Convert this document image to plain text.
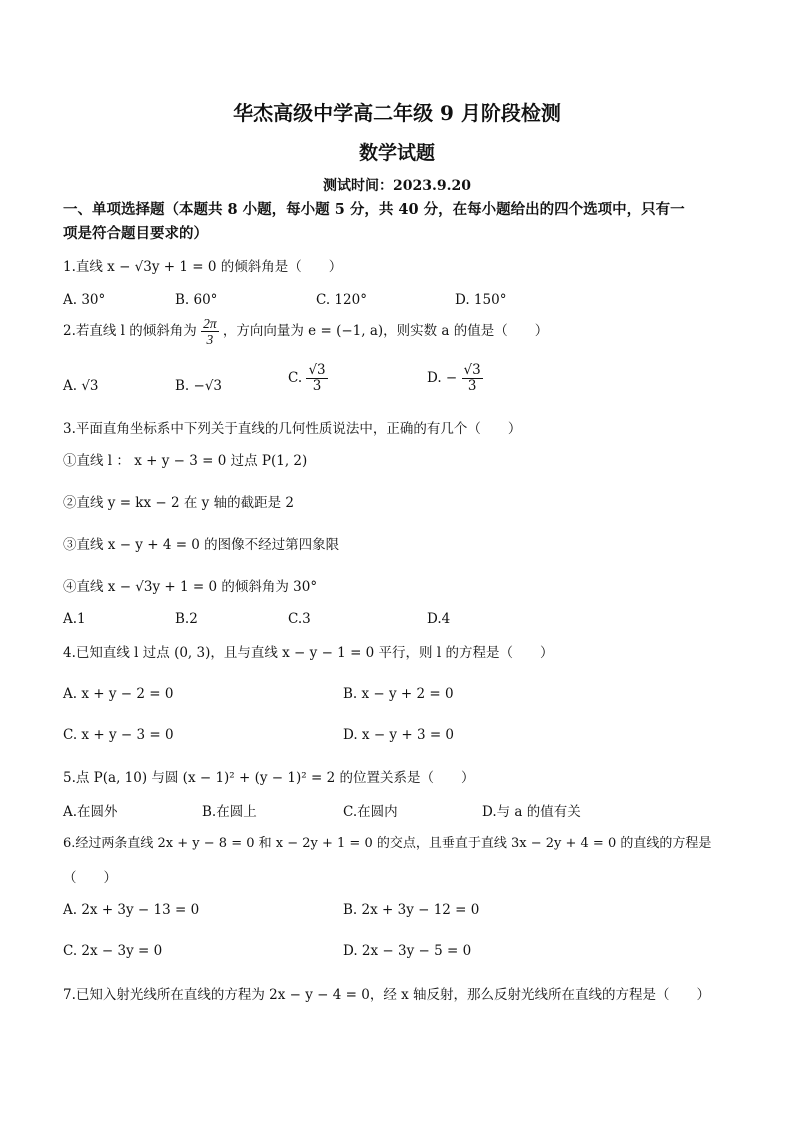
华杰高级中学高二年级 9 月阶段检测
数学试题
测试时间：2023.9.20
一、单项选择题（本题共 8 小题，每小题 5 分，共 40 分，在每小题给出的四个选项中，只有一
项是符合题目要求的）
1.直线 x − √3y + 1 = 0 的倾斜角是（　　）
A. 30°	B. 60°	C. 120°	D. 150°
2.若直线 l 的倾斜角为 $\frac{2\pi}{3}$ ，方向向量为 e = (−1, a)，则实数 a 的值是（　　）
A. √3	B. −√3	C. $\frac{√3}{3}$	D. − $\frac{√3}{3}$
3.平面直角坐标系中下列关于直线的几何性质说法中，正确的有几个（　　）
①直线 l ： x + y − 3 = 0 过点 P(1, 2)
②直线 y = kx − 2 在 y 轴的截距是 2
③直线 x − y + 4 = 0 的图像不经过第四象限
④直线 x − √3y + 1 = 0 的倾斜角为 30°
A.1	B.2	C.3	D.4
4.已知直线 l 过点 (0, 3)，且与直线 x − y − 1 = 0 平行，则 l 的方程是（　　）
A. x + y − 2 = 0	B. x − y + 2 = 0
C. x + y − 3 = 0	D. x − y + 3 = 0
5.点 P(a, 10) 与圆 (x − 1)² + (y − 1)² = 2 的位置关系是（　　）
A.在圆外	B.在圆上	C.在圆内	D.与 a 的值有关
6.经过两条直线 2x + y − 8 = 0 和 x − 2y + 1 = 0 的交点，且垂直于直线 3x − 2y + 4 = 0 的直线的方程是
（　　）
A. 2x + 3y − 13 = 0	B. 2x + 3y − 12 = 0
C. 2x − 3y = 0	D. 2x − 3y − 5 = 0
7.已知入射光线所在直线的方程为 2x − y − 4 = 0，经 x 轴反射，那么反射光线所在直线的方程是（　　）
